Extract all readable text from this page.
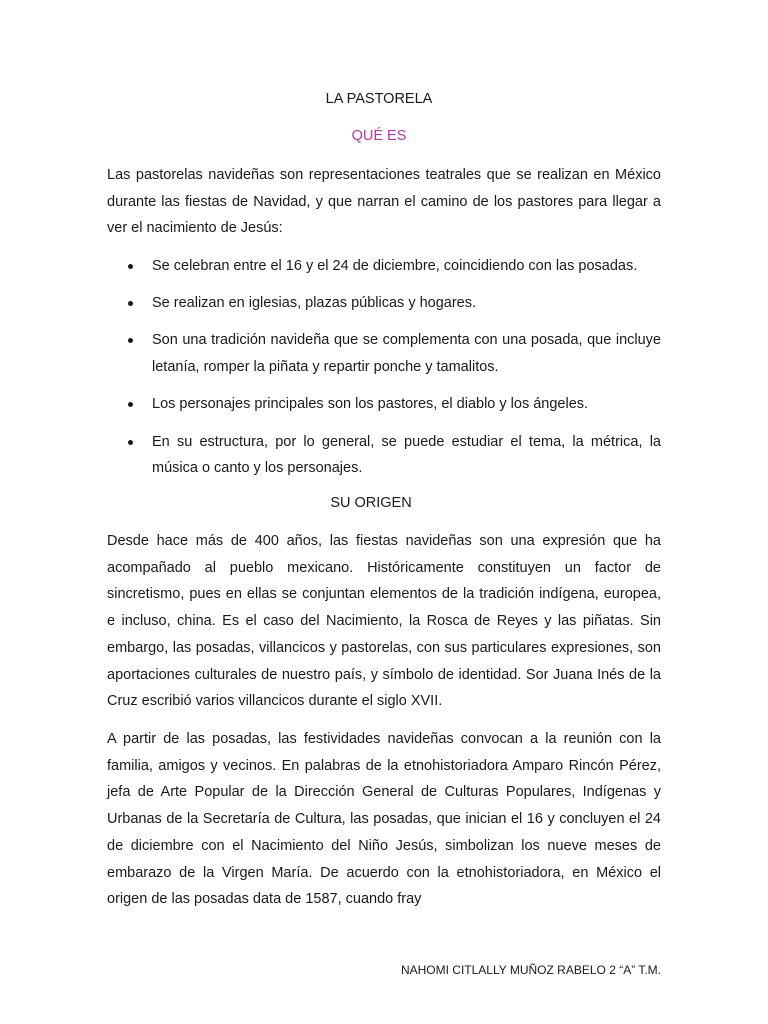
LA PASTORELA
QUÉ ES

Las pastorelas navideñas son representaciones teatrales que se realizan en México durante las fiestas de Navidad, y que narran el camino de los pastores para llegar a ver el nacimiento de Jesús:

Se celebran entre el 16 y el 24 de diciembre, coincidiendo con las posadas.
Se realizan en iglesias, plazas públicas y hogares.
Son una tradición navideña que se complementa con una posada, que incluye letanía, romper la piñata y repartir ponche y tamalitos.
Los personajes principales son los pastores, el diablo y los ángeles.
En su estructura, por lo general, se puede estudiar el tema, la métrica, la música o canto y los personajes.
SU ORIGEN

Desde hace más de 400 años, las fiestas navideñas son una expresión que ha acompañado al pueblo mexicano. Históricamente constituyen un factor de sincretismo, pues en ellas se conjuntan elementos de la tradición indígena, europea, e incluso, china. Es el caso del Nacimiento, la Rosca de Reyes y las piñatas. Sin embargo, las posadas, villancicos y pastorelas, con sus particulares expresiones, son aportaciones culturales de nuestro país, y símbolo de identidad. Sor Juana Inés de la Cruz escribió varios villancicos durante el siglo XVII.

A partir de las posadas, las festividades navideñas convocan a la reunión con la familia, amigos y vecinos. En palabras de la etnohistoriadora Amparo Rincón Pérez, jefa de Arte Popular de la Dirección General de Culturas Populares, Indígenas y Urbanas de la Secretaría de Cultura, las posadas, que inician el 16 y concluyen el 24 de diciembre con el Nacimiento del Niño Jesús, simbolizan los nueve meses de embarazo de la Virgen María. De acuerdo con la etnohistoriadora, en México el origen de las posadas data de 1587, cuando fray

NAHOMI CITLALLY MUÑOZ RABELO 2 “A” T.M.
